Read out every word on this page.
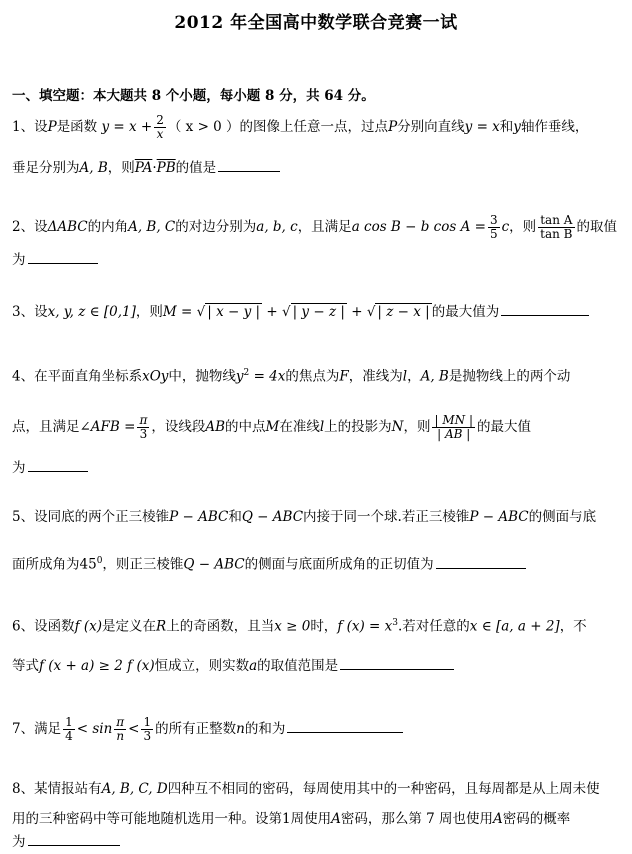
2012 年全国高中数学联合竞赛一试
一、填空题：本大题共 8 个小题，每小题 8 分，共 64 分。
1、设P是函数 $y = x + \frac{2}{x}$ （ x > 0 ）的图像上任意一点，过点P分别向直线y = x和y轴作垂线，
垂足分别为A, B，则$\overline{PA}\cdot\overline{PB}$的值是
2、设ΔABC的内角A, B, C的对边分别为a, b, c，且满足a cos B − b $\cos A = \frac{3}{5}$ c，则 $\frac{\text{tan A}}{\text{tan B}}$ 的取值
为
3、设x, y, z ∈ [0,1]，则M = √ | x − y | + √ | y − z | + √ | z − x | 的最大值为
4、在平面直角坐标系xOy中，抛物线$y^2 = 4x$的焦点为F，准线为l，A, B是抛物线上的两个动
点，且满足∠AFB = $\frac{\pi}{3}$ ，设线段AB的中点M在准线l上的投影为N，则 $\frac{| MN |}{| AB |}$ 的最大值
为
5、设同底的两个正三棱锥P − ABC和Q − ABC内接于同一个球.若正三棱锥P − ABC的侧面与底
面所成角为$45^0$，则正三棱锥Q − ABC的侧面与底面所成角的正切值为
6、设函数f (x)是定义在R上的奇函数，且当x ≥ 0时，f $(x) = x^3$.若对任意的x ∈ [a, a + 2]，不
等式f (x + a) ≥ 2 f (x)恒成立，则实数a的取值范围是
7、满足 $\frac{1}{4} < \sin \frac{\pi}{n} < \frac{1}{3}$ 的所有正整数n的和为
8、某情报站有A, B, C, D四种互不相同的密码，每周使用其中的一种密码，且每周都是从上周未使
用的三种密码中等可能地随机选用一种。设第1周使用A密码，那么第 7 周也使用A密码的概率
为
